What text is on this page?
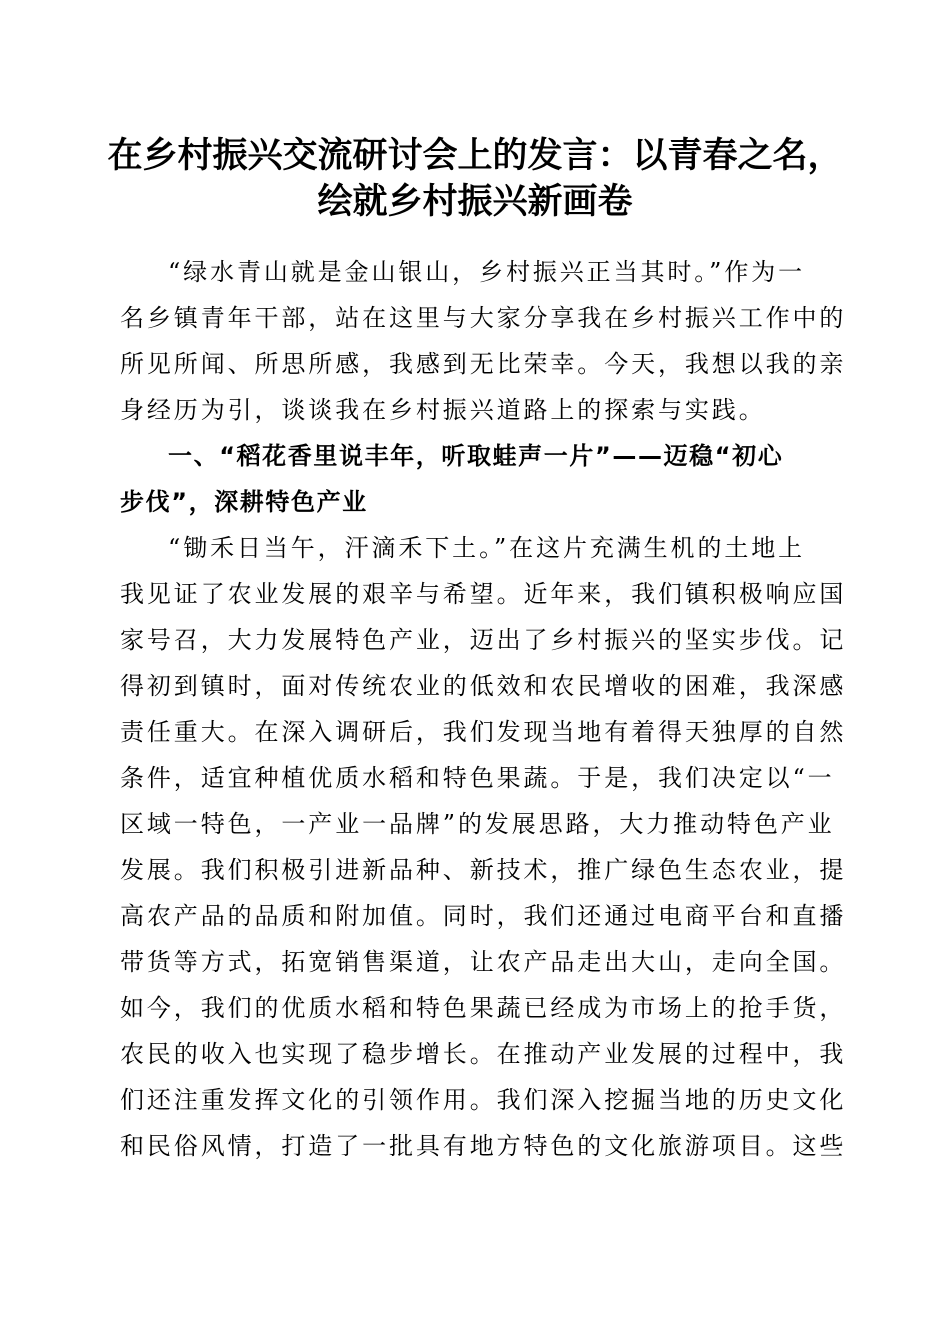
在乡村振兴交流研讨会上的发言：以青春之名，
绘就乡村振兴新画卷
“绿水青山就是金山银山，乡村振兴正当其时。”作为一
名乡镇青年干部，站在这里与大家分享我在乡村振兴工作中的
所见所闻、所思所感，我感到无比荣幸。今天，我想以我的亲
身经历为引，谈谈我在乡村振兴道路上的探索与实践。
一、“稻花香里说丰年，听取蛙声一片”——迈稳“初心
步伐”，深耕特色产业
“锄禾日当午，汗滴禾下土。”在这片充满生机的土地上
我见证了农业发展的艰辛与希望。近年来，我们镇积极响应国
家号召，大力发展特色产业，迈出了乡村振兴的坚实步伐。记
得初到镇时，面对传统农业的低效和农民增收的困难，我深感
责任重大。在深入调研后，我们发现当地有着得天独厚的自然
条件，适宜种植优质水稻和特色果蔬。于是，我们决定以“一
区域一特色，一产业一品牌”的发展思路，大力推动特色产业
发展。我们积极引进新品种、新技术，推广绿色生态农业，提
高农产品的品质和附加值。同时，我们还通过电商平台和直播
带货等方式，拓宽销售渠道，让农产品走出大山，走向全国。
如今，我们的优质水稻和特色果蔬已经成为市场上的抢手货，
农民的收入也实现了稳步增长。在推动产业发展的过程中，我
们还注重发挥文化的引领作用。我们深入挖掘当地的历史文化
和民俗风情，打造了一批具有地方特色的文化旅游项目。这些
